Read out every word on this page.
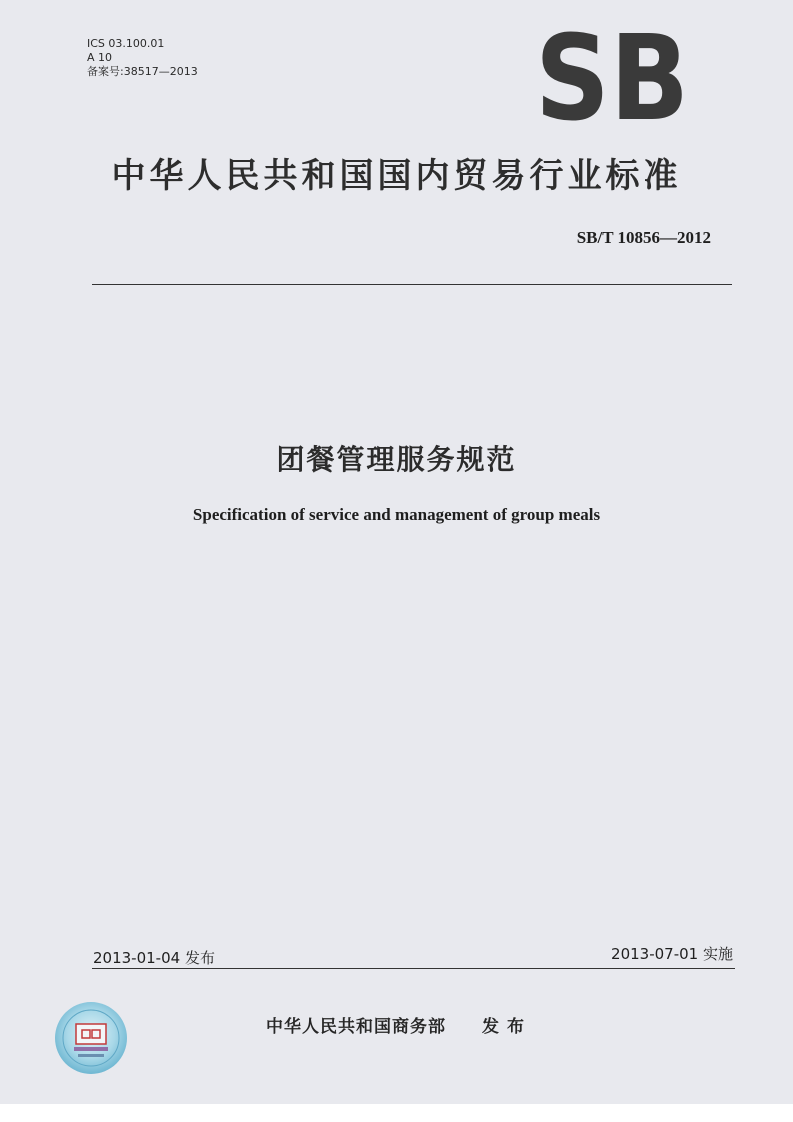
ICS 03.100.01
A 10
备案号:38517—2013	SB
中华人民共和国国内贸易行业标准
SB/T 10856—2012
团餐管理服务规范
Specification of service and management of group meals
2013-01-04 发布	2013-07-01 实施
中华人民共和国商务部 发布
